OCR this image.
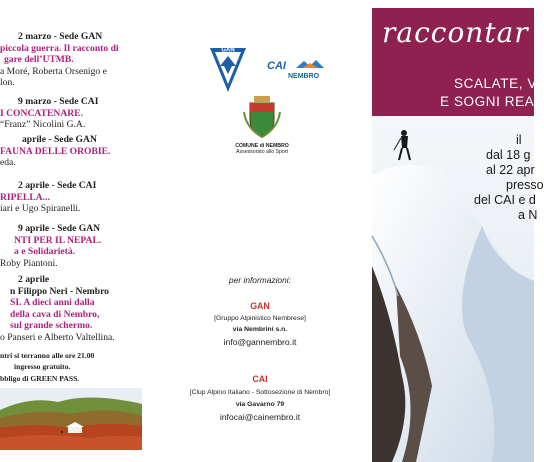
2 marzo - Sede GAN
piccola guerra. Il racconto di
gare dell’UTMB.
a Moré, Roberta Orsenigo e
lon.
9 marzo - Sede CAI
I CONCATENARE.
“Franz” Nicolini G.A.
aprile - Sede GAN
FAUNA DELLE OROBIE.
eda.
2 aprile - Sede CAI
RIPELLA...
iari e Ugo Spiranelli.
9 aprile - Sede GAN
NTI PER IL NEPAL.
a e Solidarietà.
Roby Piantoni.
2 aprile
n Filippo Neri - Nembro
SI. A dieci anni dalla
della cava di Nembro,
sul grande schermo.
o Panseri e Alberto Valtellina.
ntri si terranno alle ore 21.00
ingresso gratuito.
bbligo di GREEN PASS.
GAN
CAI
NEMBRO
COMUNE di NEMBRO
Assessorato allo Sport
per informazioni:
GAN
[Gruppo Alpinistico Nembrese]
via Nembrini s.n.
info@gannembro.it
CAI
[Clup Alpino Italiano - Sottosezione di Nembro]
via Gavarno 79
infocai@cainembro.it
raccontar
SCALATE, V
E SOGNI REA
il
dal 18 g
al 22 apr
presso
del CAI e d
a N
